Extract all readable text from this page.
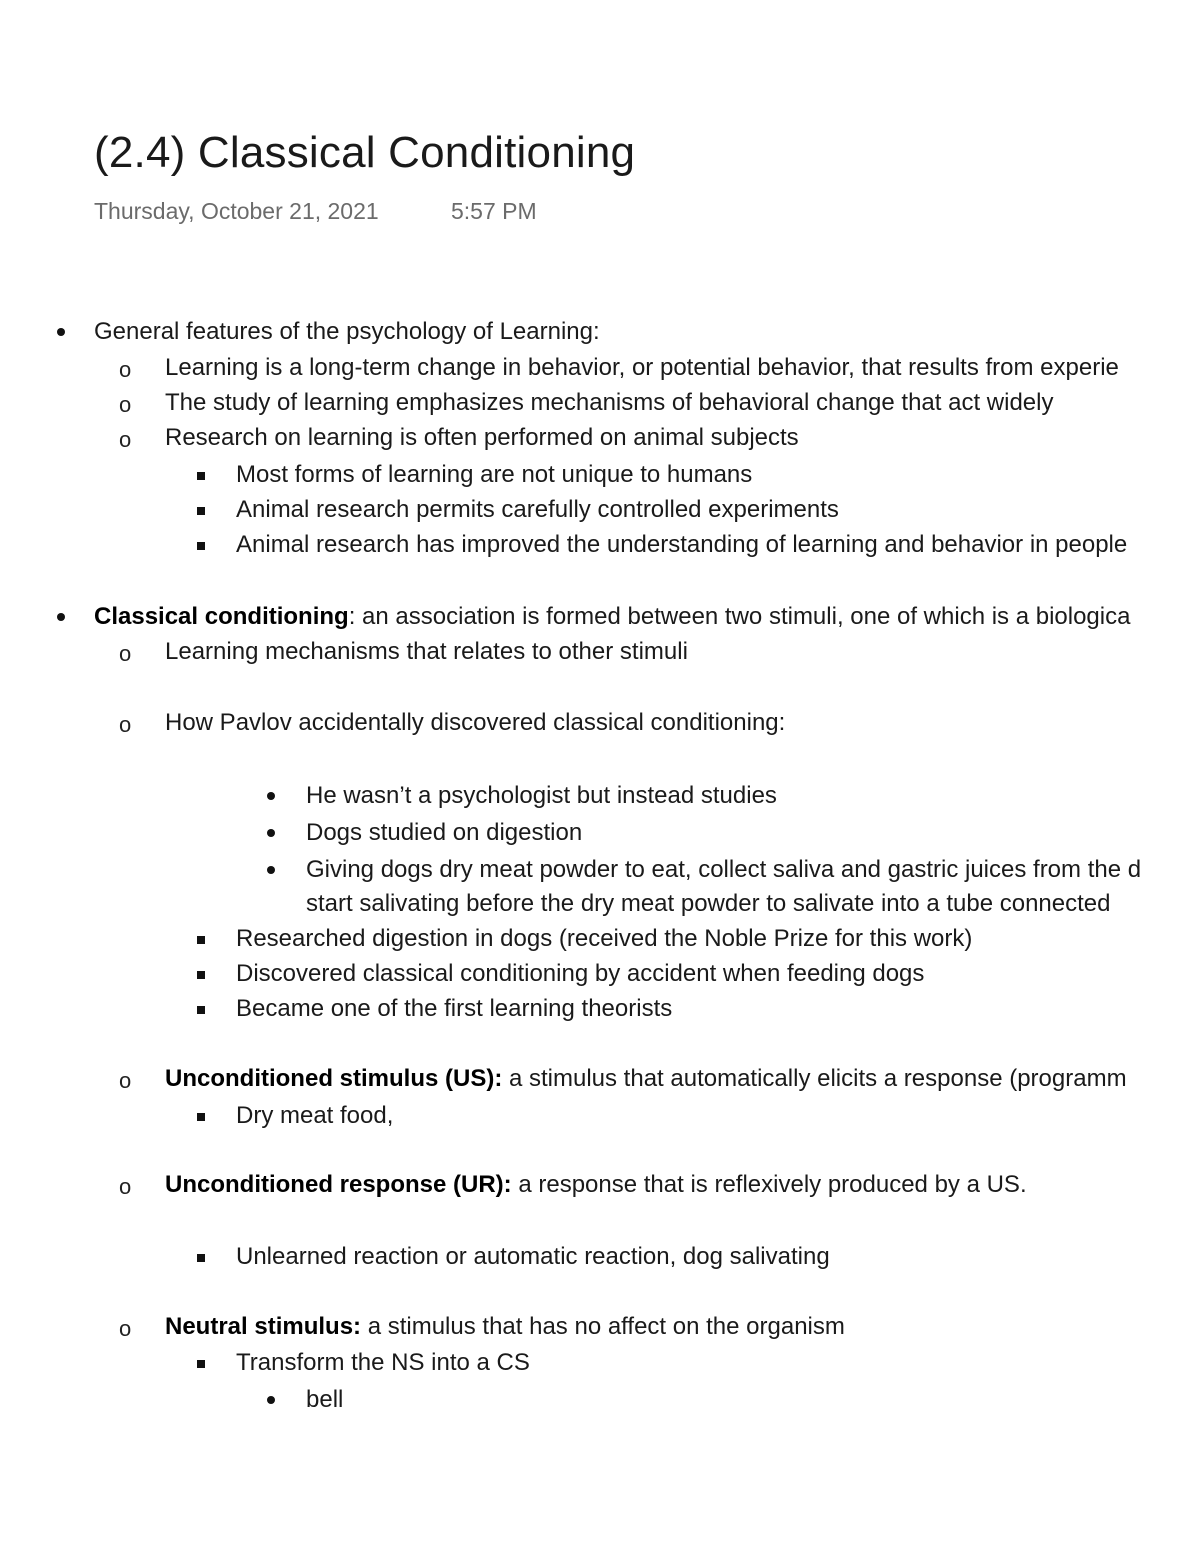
(2.4) Classical Conditioning
Thursday, October 21, 2021	5:57 PM
General features of the psychology of Learning:
o Learning is a long-term change in behavior, or potential behavior, that results from experie
o The study of learning emphasizes mechanisms of behavioral change that act widely
o Research on learning is often performed on animal subjects
Most forms of learning are not unique to humans
Animal research permits carefully controlled experiments
Animal research has improved the understanding of learning and behavior in people
Classical conditioning: an association is formed between two stimuli, one of which is a biologica
o Learning mechanisms that relates to other stimuli
o How Pavlov accidentally discovered classical conditioning:
He wasn’t a psychologist but instead studies
Dogs studied on digestion
Giving dogs dry meat powder to eat, collect saliva and gastric juices from the d
start salivating before the dry meat powder to salivate into a tube connected
Researched digestion in dogs (received the Noble Prize for this work)
Discovered classical conditioning by accident when feeding dogs
Became one of the first learning theorists
o Unconditioned stimulus (US): a stimulus that automatically elicits a response (programm
Dry meat food,
o Unconditioned response (UR): a response that is reflexively produced by a US.
Unlearned reaction or automatic reaction, dog salivating
o Neutral stimulus: a stimulus that has no affect on the organism
Transform the NS into a CS
bell
